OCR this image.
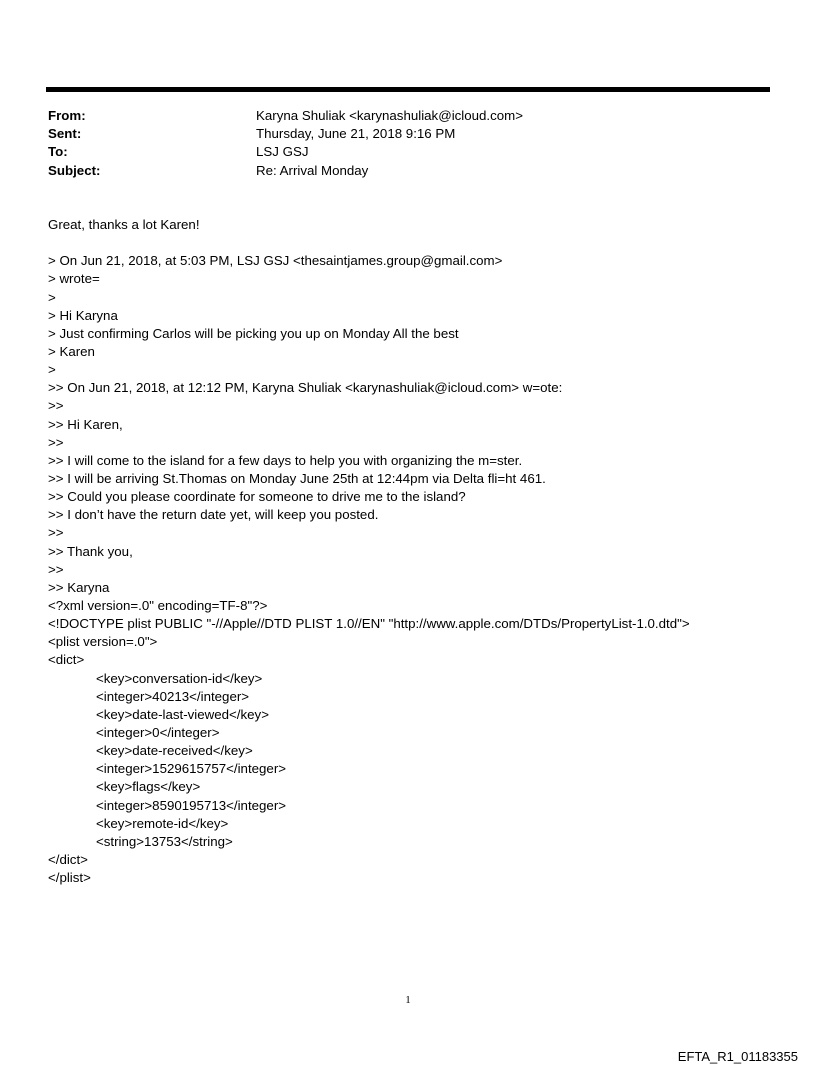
From:	Karyna Shuliak <karynashuliak@icloud.com>
Sent:	Thursday, June 21, 2018 9:16 PM
To:	LSJ GSJ
Subject:	Re: Arrival Monday
Great, thanks a lot Karen!
> On Jun 21, 2018, at 5:03 PM, LSJ GSJ <thesaintjames.group@gmail.com>
> wrote=
>
> Hi Karyna
> Just confirming Carlos will be picking you up on Monday All the best
> Karen
>
>> On Jun 21, 2018, at 12:12 PM, Karyna Shuliak <karynashuliak@icloud.com> w=ote:
>>
>> Hi Karen,
>>
>> I will come to the island for a few days to help you with organizing the m=ster.
>> I will be arriving St.Thomas on Monday June 25th at 12:44pm via Delta fli=ht 461.
>> Could you please coordinate for someone to drive me to the island?
>> I don’t have the return date yet, will keep you posted.
>>
>> Thank you,
>>
>> Karyna
<?xml version=.0" encoding=TF-8"?>
<!DOCTYPE plist PUBLIC "-//Apple//DTD PLIST 1.0//EN" "http://www.apple.com/DTDs/PropertyList-1.0.dtd">
<plist version=.0">
<dict>
<key>conversation-id</key>
<integer>40213</integer>
<key>date-last-viewed</key>
<integer>0</integer>
<key>date-received</key>
<integer>1529615757</integer>
<key>flags</key>
<integer>8590195713</integer>
<key>remote-id</key>
<string>13753</string>
</dict>
</plist>
1
EFTA_R1_01183355
